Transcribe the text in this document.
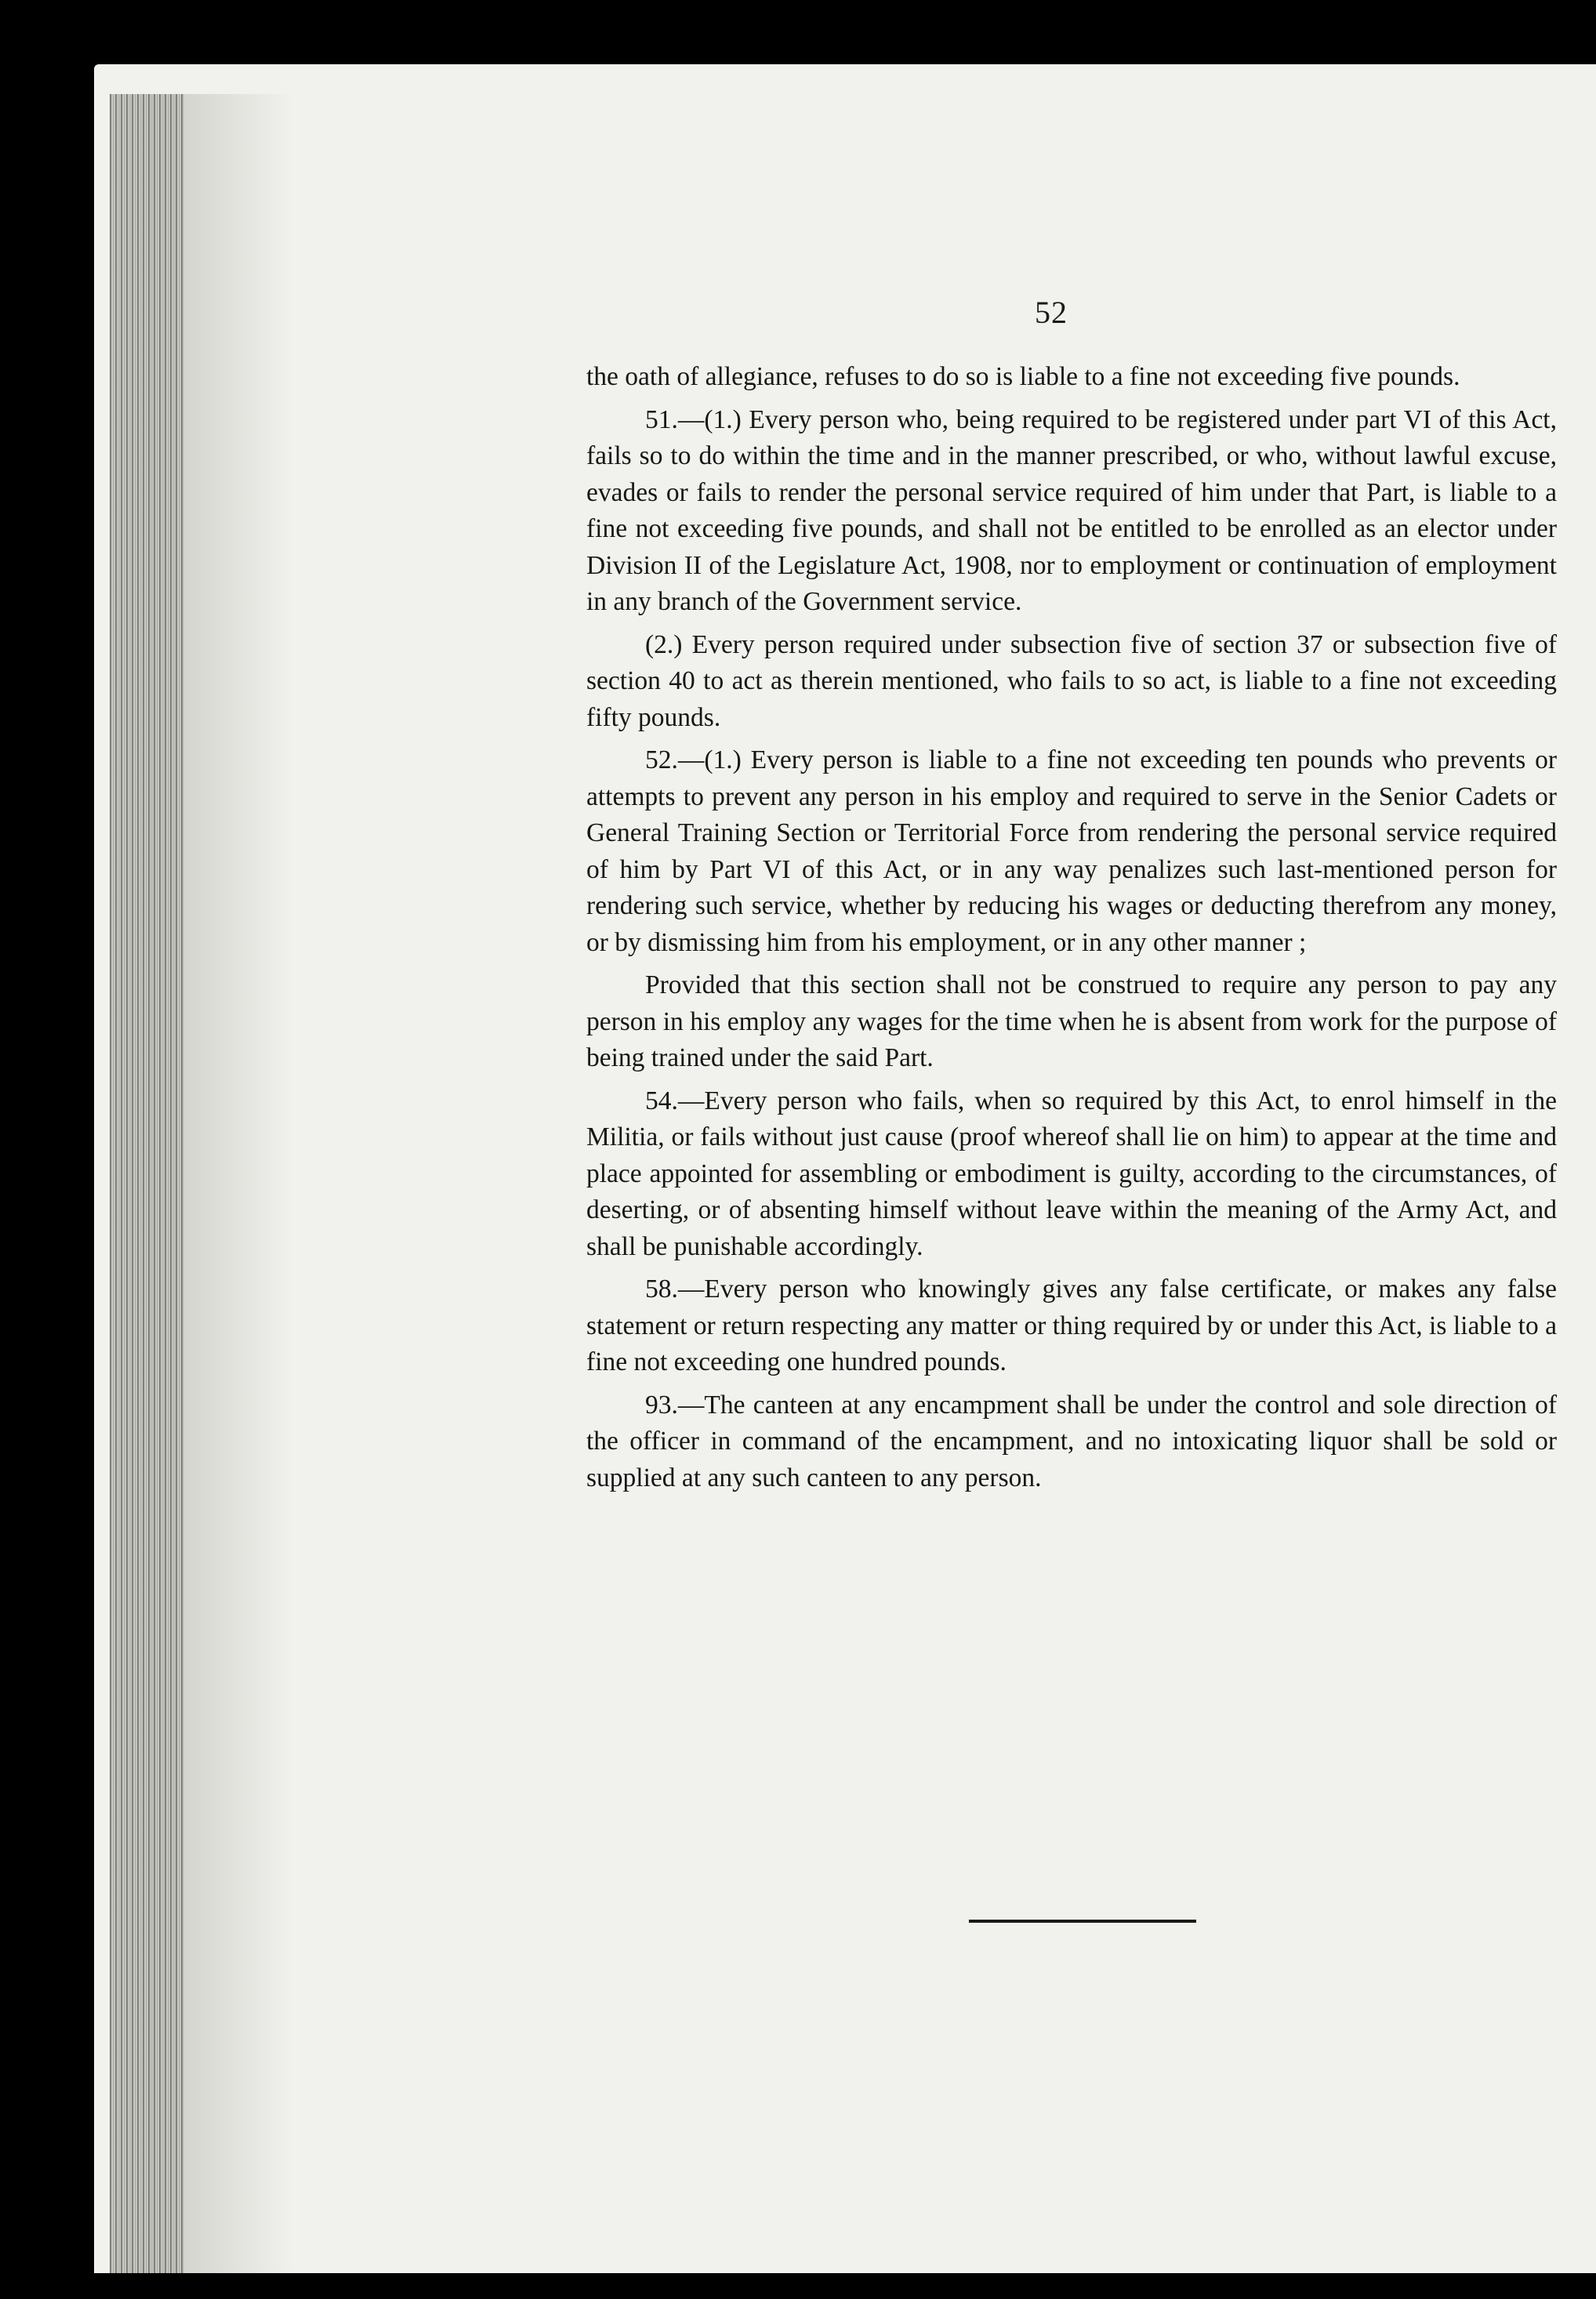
52

the oath of allegiance, refuses to do so is liable to a fine not exceeding five pounds.

51.—(1.) Every person who, being required to be registered under part VI of this Act, fails so to do within the time and in the manner prescribed, or who, without lawful excuse, evades or fails to render the personal service required of him under that Part, is liable to a fine not exceeding five pounds, and shall not be entitled to be enrolled as an elector under Division II of the Legislature Act, 1908, nor to employment or continuation of employment in any branch of the Government service.

(2.) Every person required under subsection five of section 37 or subsection five of section 40 to act as therein mentioned, who fails to so act, is liable to a fine not exceeding fifty pounds.

52.—(1.) Every person is liable to a fine not exceeding ten pounds who prevents or attempts to prevent any person in his employ and required to serve in the Senior Cadets or General Training Section or Territorial Force from rendering the personal service required of him by Part VI of this Act, or in any way penalizes such last-mentioned person for rendering such service, whether by reducing his wages or deducting therefrom any money, or by dismissing him from his employment, or in any other manner ;

Provided that this section shall not be construed to require any person to pay any person in his employ any wages for the time when he is absent from work for the purpose of being trained under the said Part.

54.—Every person who fails, when so required by this Act, to enrol himself in the Militia, or fails without just cause (proof whereof shall lie on him) to appear at the time and place appointed for assembling or embodiment is guilty, according to the circumstances, of deserting, or of absenting himself without leave within the meaning of the Army Act, and shall be punishable accordingly.

58.—Every person who knowingly gives any false certificate, or makes any false statement or return respecting any matter or thing required by or under this Act, is liable to a fine not exceeding one hundred pounds.

93.—The canteen at any encampment shall be under the control and sole direction of the officer in command of the encampment, and no intoxicating liquor shall be sold or supplied at any such canteen to any person.
